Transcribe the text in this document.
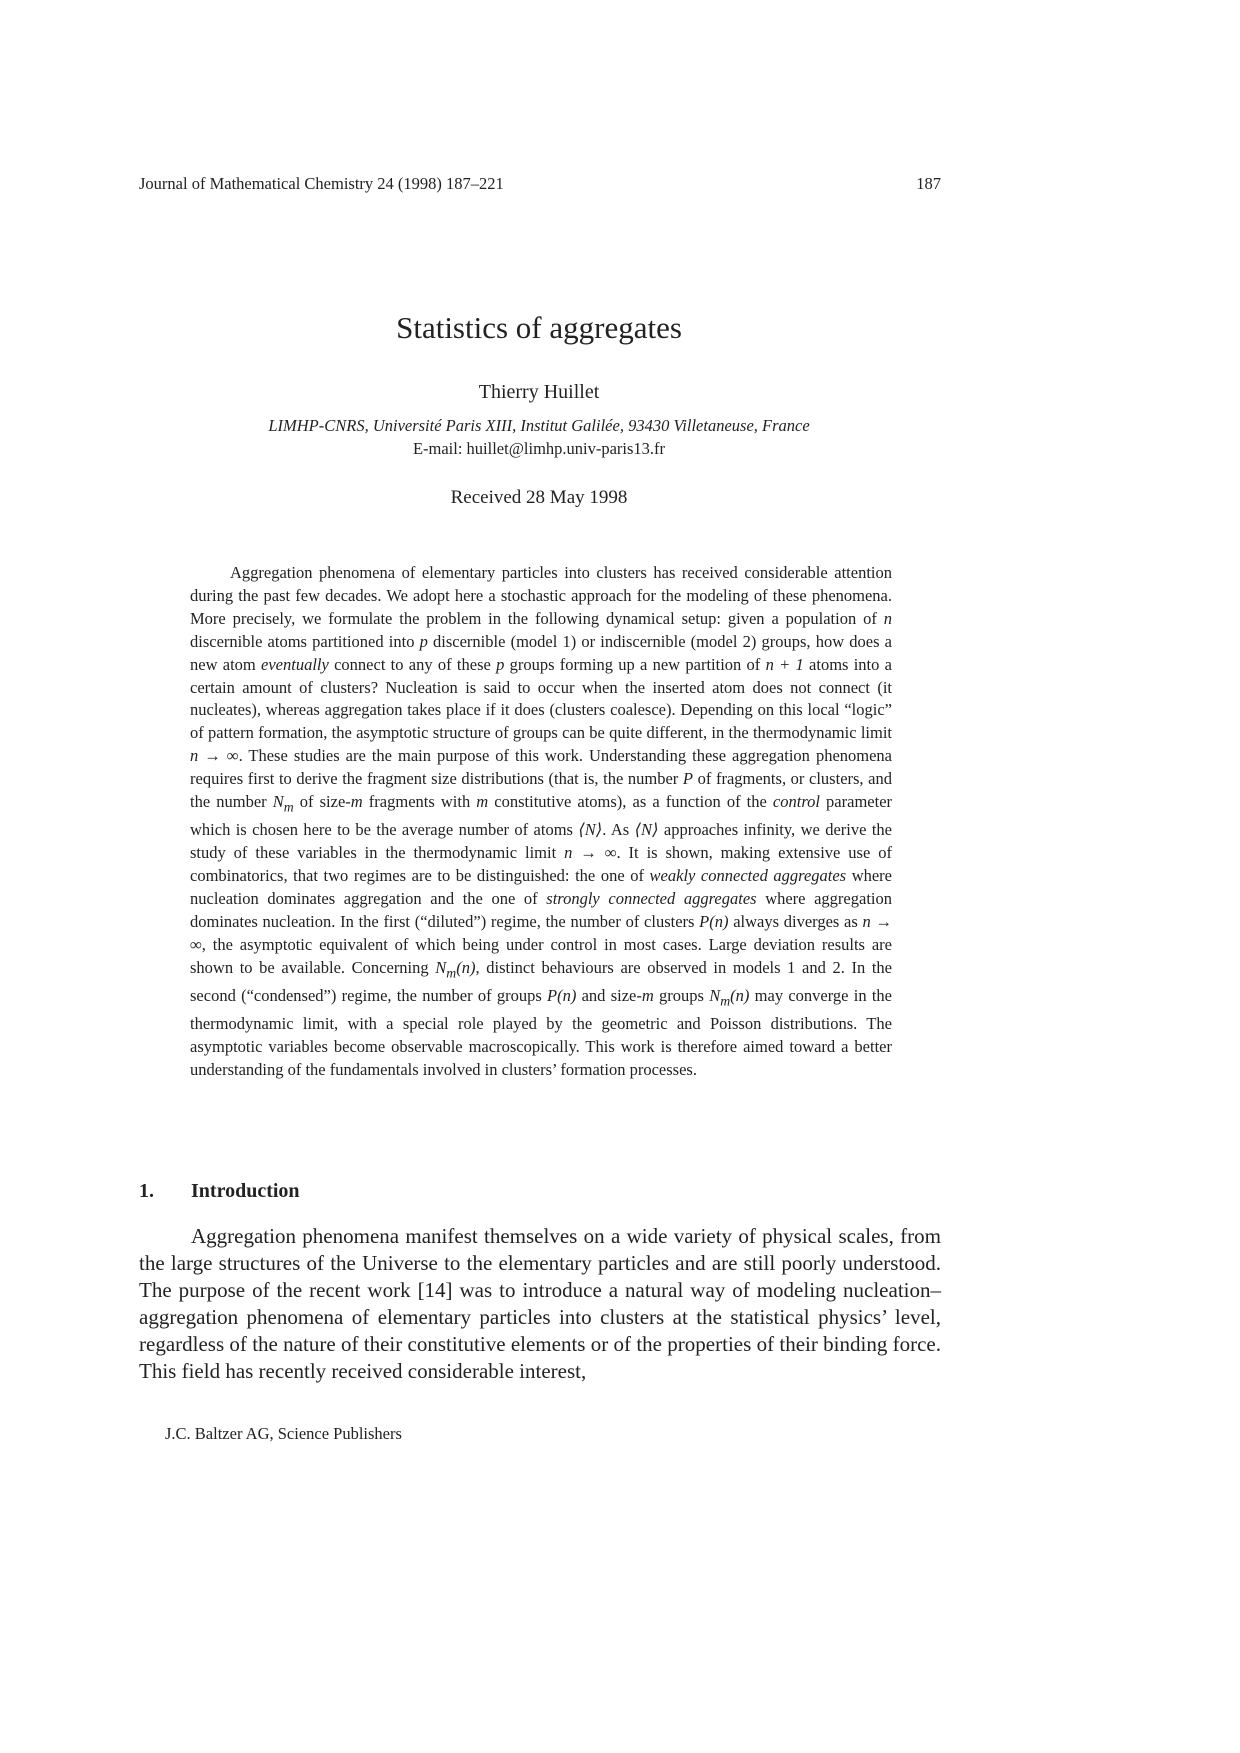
Journal of Mathematical Chemistry 24 (1998) 187–221	187
Statistics of aggregates
Thierry Huillet
LIMHP-CNRS, Université Paris XIII, Institut Galilée, 93430 Villetaneuse, France
E-mail: huillet@limhp.univ-paris13.fr
Received 28 May 1998

Aggregation phenomena of elementary particles into clusters has received considerable attention during the past few decades. We adopt here a stochastic approach for the modeling of these phenomena. More precisely, we formulate the problem in the following dynamical setup: given a population of n discernible atoms partitioned into p discernible (model 1) or indiscernible (model 2) groups, how does a new atom eventually connect to any of these p groups forming up a new partition of n + 1 atoms into a certain amount of clusters? Nucleation is said to occur when the inserted atom does not connect (it nucleates), whereas aggregation takes place if it does (clusters coalesce). Depending on this local “logic” of pattern formation, the asymptotic structure of groups can be quite different, in the thermodynamic limit n → ∞. These studies are the main purpose of this work. Understanding these aggregation phenomena requires first to derive the fragment size distributions (that is, the number P of fragments, or clusters, and the number $N_m$ of size-m fragments with m constitutive atoms), as a function of the control parameter which is chosen here to be the average number of atoms ⟨N⟩. As ⟨N⟩ approaches infinity, we derive the study of these variables in the thermodynamic limit n → ∞. It is shown, making extensive use of combinatorics, that two regimes are to be distinguished: the one of weakly connected aggregates where nucleation dominates aggregation and the one of strongly connected aggregates where aggregation dominates nucleation. In the first (“diluted”) regime, the number of clusters P(n) always diverges as n → ∞, the asymptotic equivalent of which being under control in most cases. Large deviation results are shown to be available. Concerning $N_m(n)$, distinct behaviours are observed in models 1 and 2. In the second (“condensed”) regime, the number of groups P(n) and size-m groups $N_m(n)$ may converge in the thermodynamic limit, with a special role played by the geometric and Poisson distributions. The asymptotic variables become observable macroscopically. This work is therefore aimed toward a better understanding of the fundamentals involved in clusters’ formation processes.

1. Introduction

Aggregation phenomena manifest themselves on a wide variety of physical scales, from the large structures of the Universe to the elementary particles and are still poorly understood. The purpose of the recent work [14] was to introduce a natural way of modeling nucleation–aggregation phenomena of elementary particles into clusters at the statistical physics’ level, regardless of the nature of their constitutive elements or of the properties of their binding force. This field has recently received considerable interest,

J.C. Baltzer AG, Science Publishers
